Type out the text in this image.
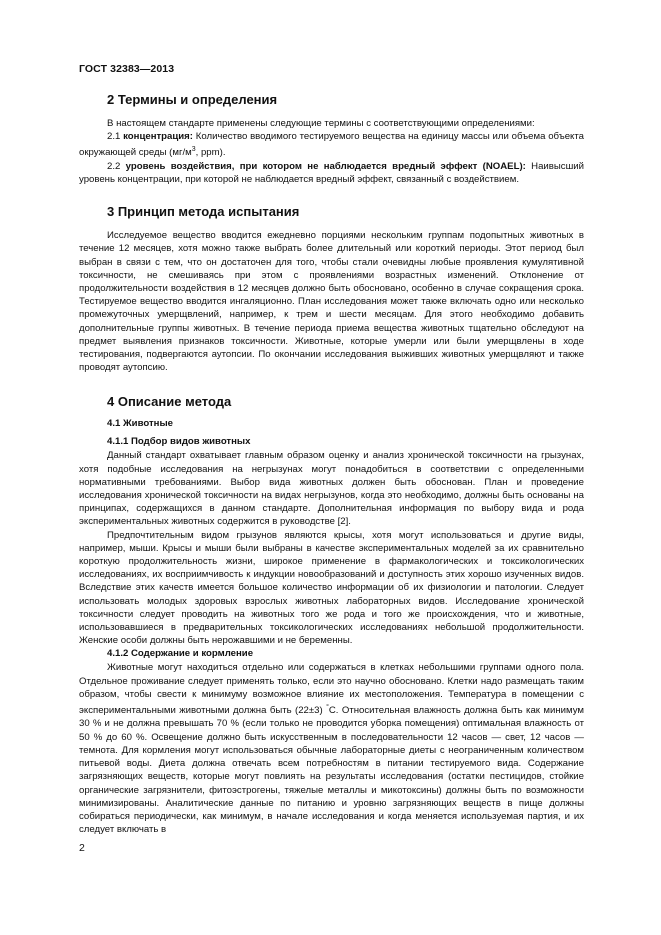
ГОСТ 32383—2013
2 Термины и определения

В настоящем стандарте применены следующие термины с соответствующими определениями:

2.1 концентрация: Количество вводимого тестируемого вещества на единицу массы или объема объекта окружающей среды ($мг/м^3$, ppm).

2.2 уровень воздействия, при котором не наблюдается вредный эффект (NOAEL): Наивысший уровень концентрации, при которой не наблюдается вредный эффект, связанный с воздействием.

3 Принцип метода испытания

Исследуемое вещество вводится ежедневно порциями нескольким группам подопытных животных в течение 12 месяцев, хотя можно также выбрать более длительный или короткий периоды. Этот период был выбран в связи с тем, что он достаточен для того, чтобы стали очевидны любые проявления кумулятивной токсичности, не смешиваясь при этом с проявлениями возрастных изменений. Отклонение от продолжительности воздействия в 12 месяцев должно быть обосновано, особенно в случае сокращения срока. Тестируемое вещество вводится ингаляционно. План исследования может также включать одно или несколько промежуточных умерщвлений, например, к трем и шести месяцам. Для этого необходимо добавить дополнительные группы животных. В течение периода приема вещества животных тщательно обследуют на предмет выявления признаков токсичности. Животные, которые умерли или были умерщвлены в ходе тестирования, подвергаются аутопсии. По окончании исследования выживших животных умерщвляют и также проводят аутопсию.

4 Описание метода
4.1 Животные
4.1.1 Подбор видов животных

Данный стандарт охватывает главным образом оценку и анализ хронической токсичности на грызунах, хотя подобные исследования на негрызунах могут понадобиться в соответствии с определенными нормативными требованиями. Выбор вида животных должен быть обоснован. План и проведение исследования хронической токсичности на видах негрызунов, когда это необходимо, должны быть основаны на принципах, содержащихся в данном стандарте. Дополнительная информация по выбору вида и рода экспериментальных животных содержится в руководстве [2].

Предпочтительным видом грызунов являются крысы, хотя могут использоваться и другие виды, например, мыши. Крысы и мыши были выбраны в качестве экспериментальных моделей за их сравнительно короткую продолжительность жизни, широкое применение в фармакологических и токсикологических исследованиях, их восприимчивость к индукции новообразований и доступность этих хорошо изученных видов. Вследствие этих качеств имеется большое количество информации об их физиологии и патологии. Следует использовать молодых здоровых взрослых животных лабораторных видов. Исследование хронической токсичности следует проводить на животных того же рода и того же происхождения, что и животные, использовавшиеся в предварительных токсикологических исследованиях небольшой продолжительности. Женские особи должны быть нерожавшими и не беременны.

4.1.2 Содержание и кормление

Животные могут находиться отдельно или содержаться в клетках небольшими группами одного пола. Отдельное проживание следует применять только, если это научно обосновано. Клетки надо размещать таким образом, чтобы свести к минимуму возможное влияние их местоположения. Температура в помещении с экспериментальными животными должна быть (22±3) °С. Относительная влажность должна быть как минимум 30 % и не должна превышать 70 % (если только не проводится уборка помещения) оптимальная влажность от 50 % до 60 %. Освещение должно быть искусственным в последовательности 12 часов — свет, 12 часов — темнота. Для кормления могут использоваться обычные лабораторные диеты с неограниченным количеством питьевой воды. Диета должна отвечать всем потребностям в питании тестируемого вида. Содержание загрязняющих веществ, которые могут повлиять на результаты исследования (остатки пестицидов, стойкие органические загрязнители, фитоэстрогены, тяжелые металлы и микотоксины) должны быть по возможности минимизированы. Аналитические данные по питанию и уровню загрязняющих веществ в пище должны собираться периодически, как минимум, в начале исследования и когда меняется используемая партия, и их следует включать в

2
